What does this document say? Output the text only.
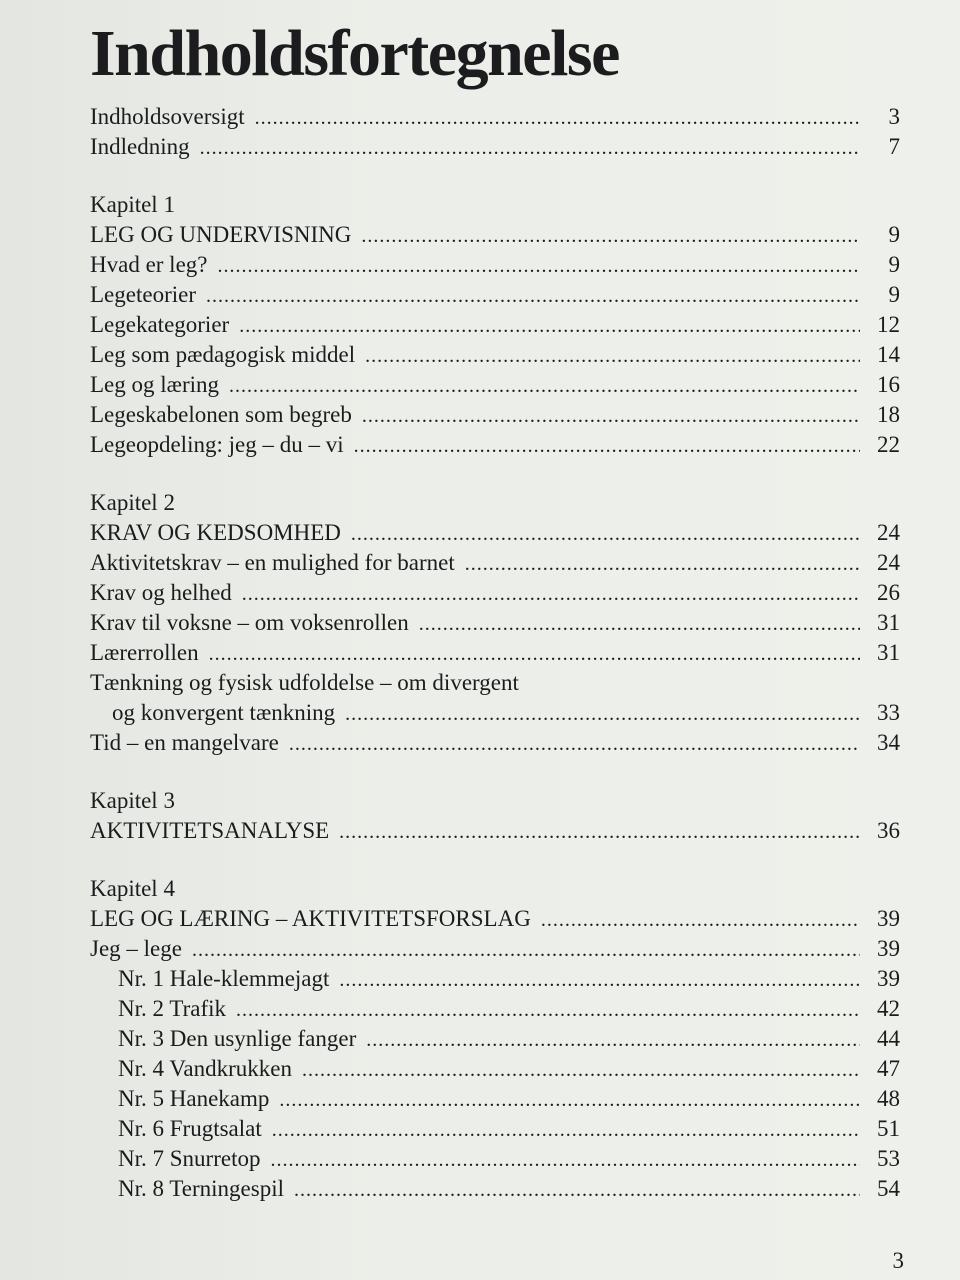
Indholdsfortegnelse
Indholdsoversigt .....	3
Indledning .....	7
Kapitel 1
LEG OG UNDERVISNING .....	9
Hvad er leg? .....	9
Legeteorier .....	9
Legekategorier .....	12
Leg som pædagogisk middel .....	14
Leg og læring .....	16
Legeskabelonen som begreb .....	18
Legeopdeling: jeg – du – vi .....	22
Kapitel 2
KRAV OG KEDSOMHED .....	24
Aktivitetskrav – en mulighed for barnet .....	24
Krav og helhed .....	26
Krav til voksne – om voksenrollen .....	31
Lærerrollen .....	31
Tænkning og fysisk udfoldelse – om divergent
og konvergent tænkning .....	33
Tid – en mangelvare .....	34
Kapitel 3
AKTIVITETSANALYSE .....	36
Kapitel 4
LEG OG LÆRING – AKTIVITETSFORSLAG .....	39
Jeg – lege .....	39
Nr. 1 Hale-klemmejagt .....	39
Nr. 2 Trafik .....	42
Nr. 3 Den usynlige fanger .....	44
Nr. 4 Vandkrukken .....	47
Nr. 5 Hanekamp .....	48
Nr. 6 Frugtsalat .....	51
Nr. 7 Snurretop .....	53
Nr. 8 Terningespil .....	54
3
